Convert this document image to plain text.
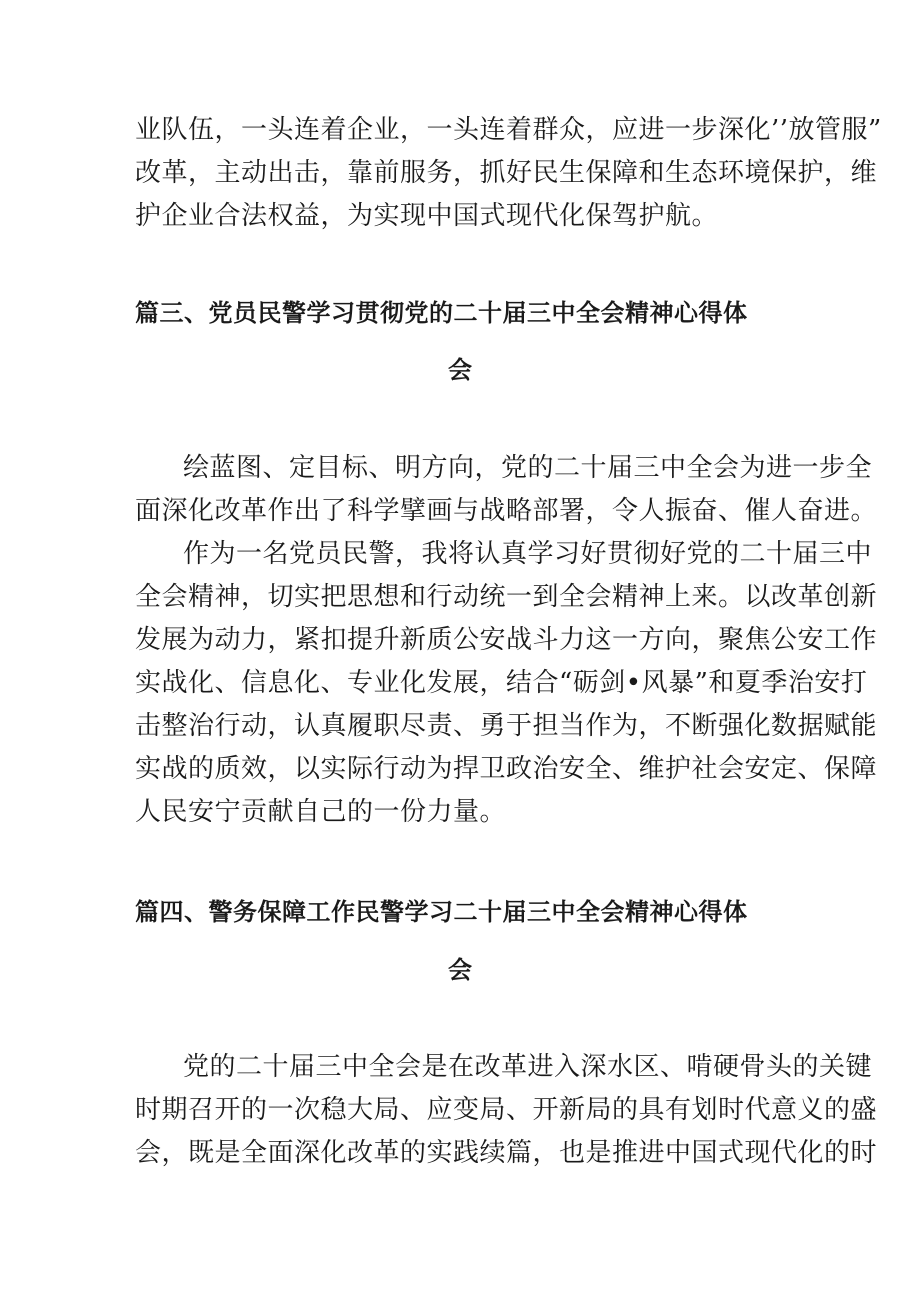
业队伍，一头连着企业，一头连着群众，应进一步深化’’放管服”
改革，主动出击，靠前服务，抓好民生保障和生态环境保护，维
护企业合法权益，为实现中国式现代化保驾护航。
篇三、党员民警学习贯彻党的二十届三中全会精神心得体
会
绘蓝图、定目标、明方向，党的二十届三中全会为进一步全
面深化改革作出了科学擘画与战略部署，令人振奋、催人奋进。
作为一名党员民警，我将认真学习好贯彻好党的二十届三中
全会精神，切实把思想和行动统一到全会精神上来。以改革创新
发展为动力，紧扣提升新质公安战斗力这一方向，聚焦公安工作
实战化、信息化、专业化发展，结合“砺剑•风暴”和夏季治安打
击整治行动，认真履职尽责、勇于担当作为，不断强化数据赋能
实战的质效，以实际行动为捍卫政治安全、维护社会安定、保障
人民安宁贡献自己的一份力量。
篇四、警务保障工作民警学习二十届三中全会精神心得体
会
党的二十届三中全会是在改革进入深水区、啃硬骨头的关键
时期召开的一次稳大局、应变局、开新局的具有划时代意义的盛
会，既是全面深化改革的实践续篇，也是推进中国式现代化的时
